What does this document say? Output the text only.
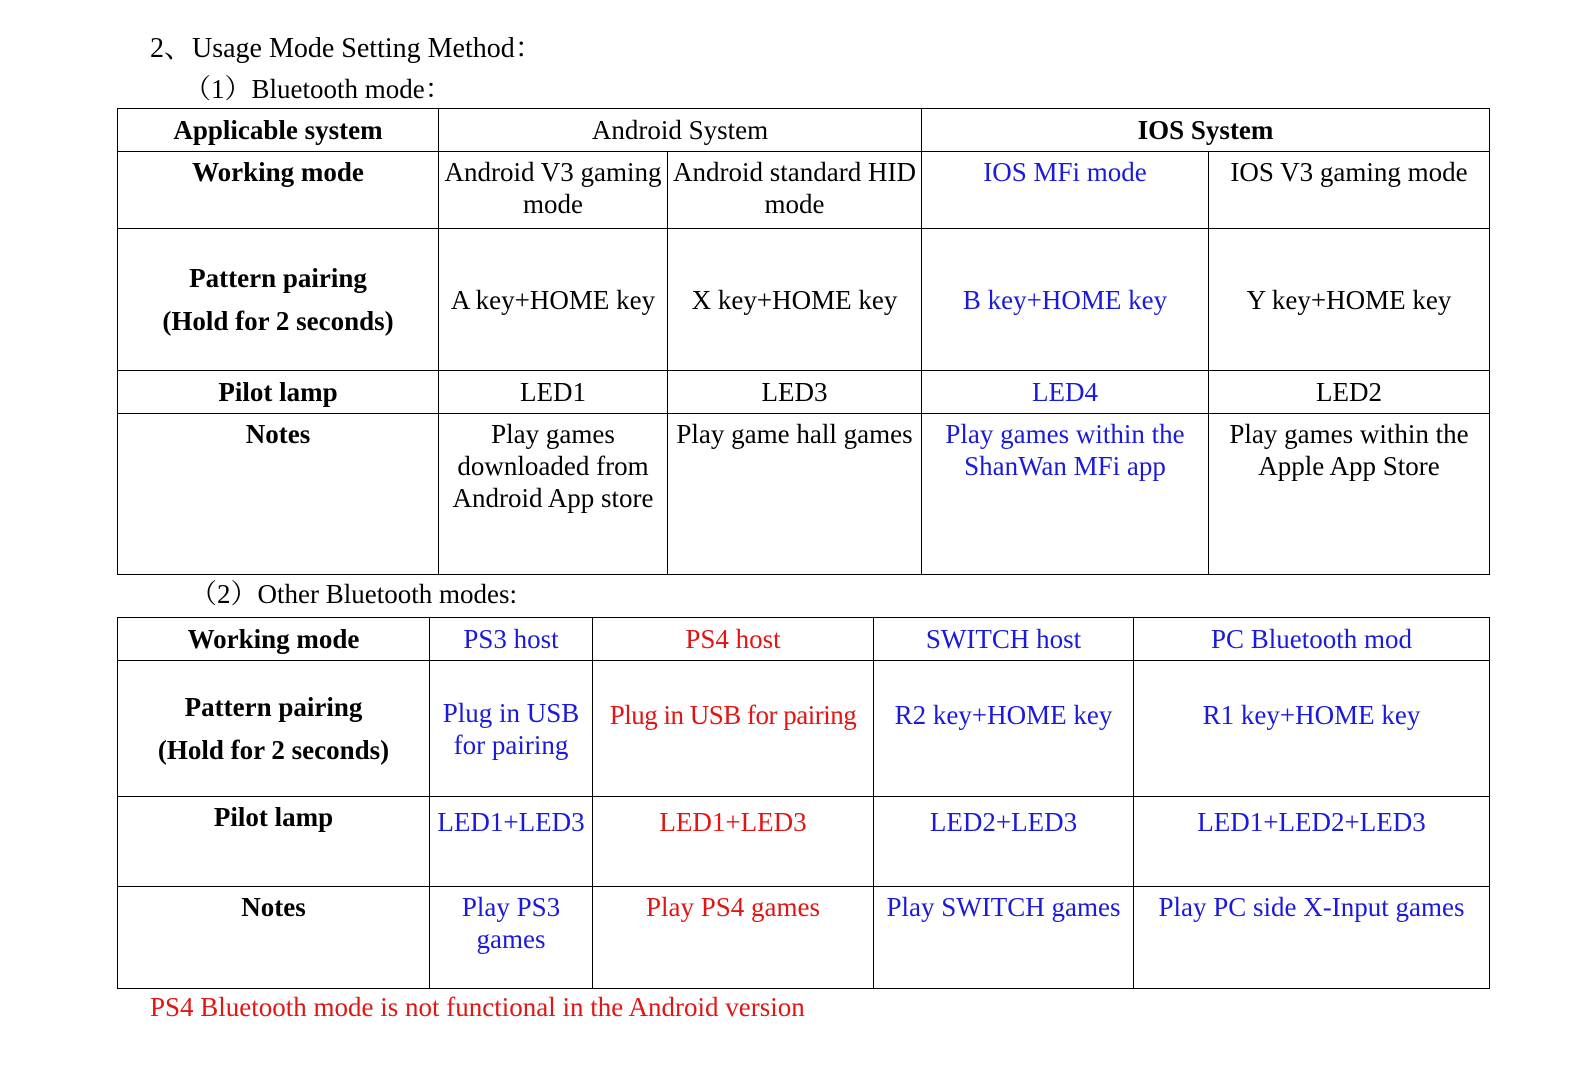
2、Usage Mode Setting Method：
（1）Bluetooth mode：
Applicable system	Android System		IOS System	
Working mode	Android V3 gaming mode	Android standard HID mode	IOS MFi mode	IOS V3 gaming mode

Pattern pairing
(Hold for 2 seconds)	A key+HOME key	X key+HOME key	B key+HOME key	Y key+HOME key
Pilot lamp	LED1	LED3	LED4	LED2
Notes	Play games downloaded from Android App store	Play game hall games	Play games within the ShanWan MFi app	Play games within the Apple App Store
（2）Other Bluetooth modes:
Working mode	PS3 host	PS4 host	SWITCH host	PC Bluetooth mod

Pattern pairing
(Hold for 2 seconds)	Plug in USB for pairing	Plug in USB for pairing	R2 key+HOME key	R1 key+HOME key
Pilot lamp	LED1+LED3	LED1+LED3	LED2+LED3	LED1+LED2+LED3
Notes	Play PS3 games	Play PS4 games	Play SWITCH games	Play PC side X-Input games
PS4 Bluetooth mode is not functional in the Android version
